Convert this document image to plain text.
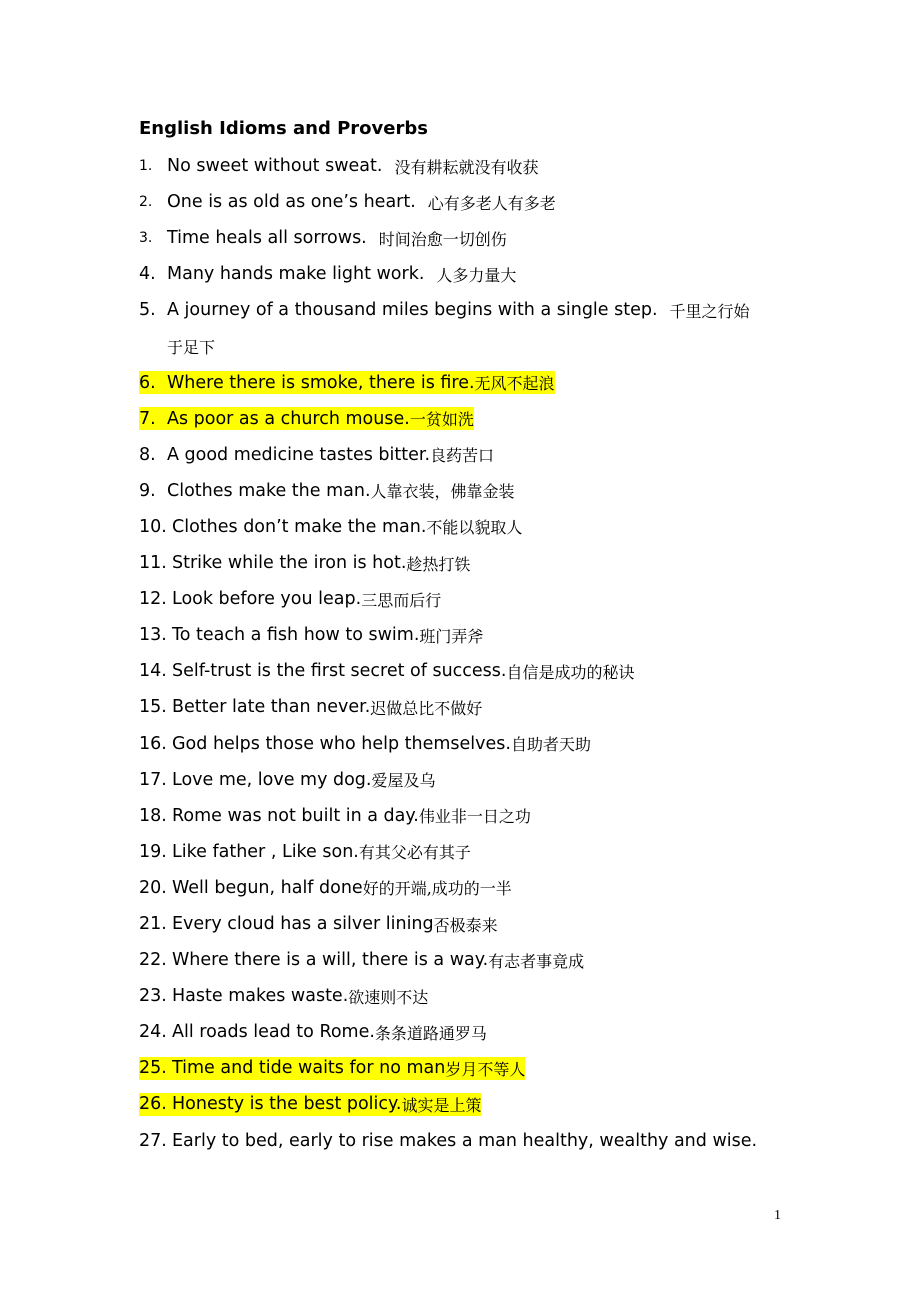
English Idioms and Proverbs
1. No sweet without sweat. 没有耕耘就没有收获
2. One is as old as one’s heart. 心有多老人有多老
3. Time heals all sorrows. 时间治愈一切创伤
4. Many hands make light work. 人多力量大
5. A journey of a thousand miles begins with a single step. 千里之行始
于足下
6. Where there is smoke, there is fire. 无风不起浪
7. As poor as a church mouse. 一贫如洗
8. A good medicine tastes bitter. 良药苦口
9. Clothes make the man. 人靠衣装，佛靠金装
10. Clothes don’t make the man. 不能以貌取人
11. Strike while the iron is hot. 趁热打铁
12. Look before you leap. 三思而后行
13. To teach a fish how to swim. 班门弄斧
14. Self-trust is the first secret of success. 自信是成功的秘诀
15. Better late than never. 迟做总比不做好
16. God helps those who help themselves. 自助者天助
17. Love me, love my dog. 爱屋及乌
18. Rome was not built in a day. 伟业非一日之功
19. Like father , Like son. 有其父必有其子
20. Well begun, half done 好的开端,成功的一半
21. Every cloud has a silver lining 否极泰来
22. Where there is a will, there is a way. 有志者事竟成
23. Haste makes waste. 欲速则不达
24. All roads lead to Rome. 条条道路通罗马
25. Time and tide waits for no man 岁月不等人
26. Honesty is the best policy. 诚实是上策
27. Early to bed, early to rise makes a man healthy, wealthy and wise.
1
